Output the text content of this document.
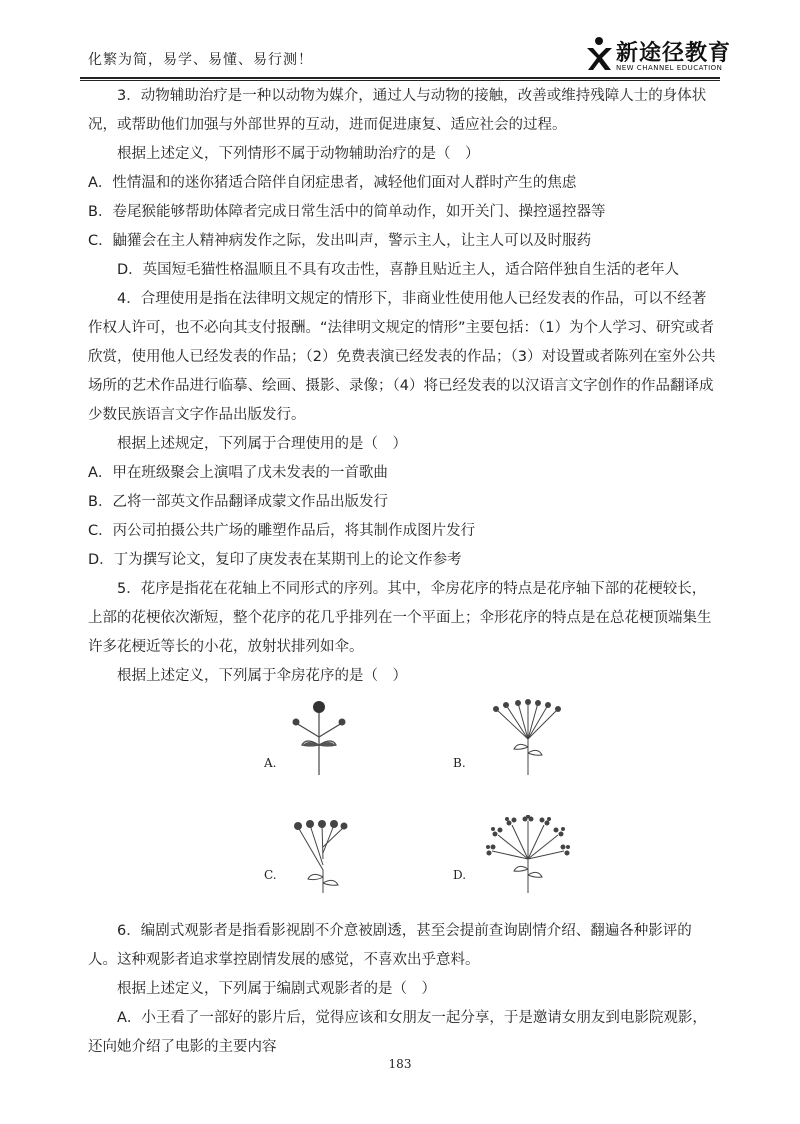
化繁为简，易学、易懂、易行测！	新途径教育
NEW CHANNEL EDUCATION

3．动物辅助治疗是一种以动物为媒介，通过人与动物的接触，改善或维持残障人士的身体状况，或帮助他们加强与外部世界的互动，进而促进康复、适应社会的过程。

根据上述定义，下列情形不属于动物辅助治疗的是（　）

A．性情温和的迷你猪适合陪伴自闭症患者，减轻他们面对人群时产生的焦虑

B．卷尾猴能够帮助体障者完成日常生活中的简单动作，如开关门、操控遥控器等

C．鼬獾会在主人精神病发作之际，发出叫声，警示主人，让主人可以及时服药

D．英国短毛猫性格温顺且不具有攻击性，喜静且贴近主人，适合陪伴独自生活的老年人

4．合理使用是指在法律明文规定的情形下，非商业性使用他人已经发表的作品，可以不经著作权人许可，也不必向其支付报酬。“法律明文规定的情形”主要包括：（1）为个人学习、研究或者欣赏，使用他人已经发表的作品；（2）免费表演已经发表的作品；（3）对设置或者陈列在室外公共场所的艺术作品进行临摹、绘画、摄影、录像；（4）将已经发表的以汉语言文字创作的作品翻译成少数民族语言文字作品出版发行。

根据上述规定，下列属于合理使用的是（　）

A．甲在班级聚会上演唱了戊未发表的一首歌曲

B．乙将一部英文作品翻译成蒙文作品出版发行

C．丙公司拍摄公共广场的雕塑作品后，将其制作成图片发行

D．丁为撰写论文，复印了庚发表在某期刊上的论文作参考

5．花序是指花在花轴上不同形式的序列。其中，伞房花序的特点是花序轴下部的花梗较长，上部的花梗依次渐短，整个花序的花几乎排列在一个平面上；伞形花序的特点是在总花梗顶端集生许多花梗近等长的小花，放射状排列如伞。

根据上述定义，下列属于伞房花序的是（　）

A.	B.
C.	D.

6．编剧式观影者是指看影视剧不介意被剧透，甚至会提前查询剧情介绍、翻遍各种影评的人。这种观影者追求掌控剧情发展的感觉，不喜欢出乎意料。

根据上述定义，下列属于编剧式观影者的是（　）

A．小王看了一部好的影片后，觉得应该和女朋友一起分享，于是邀请女朋友到电影院观影，还向她介绍了电影的主要内容

183
